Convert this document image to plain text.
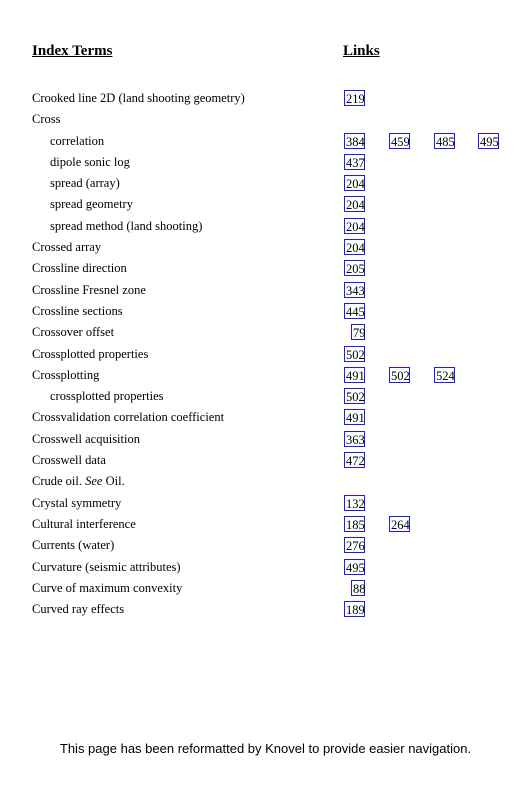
Index Terms	Links
Crooked line 2D (land shooting geometry)	219
Cross
correlation	384 459 485 495
dipole sonic log	437
spread (array)	204
spread geometry	204
spread method (land shooting)	204
Crossed array	204
Crossline direction	205
Crossline Fresnel zone	343
Crossline sections	445
Crossover offset	79
Crossplotted properties	502
Crossplotting	491 502 524
crossplotted properties	502
Crossvalidation correlation coefficient	491
Crosswell acquisition	363
Crosswell data	472
Crude oil. See Oil.
Crystal symmetry	132
Cultural interference	185 264
Currents (water)	276
Curvature (seismic attributes)	495
Curve of maximum convexity	88
Curved ray effects	189
This page has been reformatted by Knovel to provide easier navigation.
